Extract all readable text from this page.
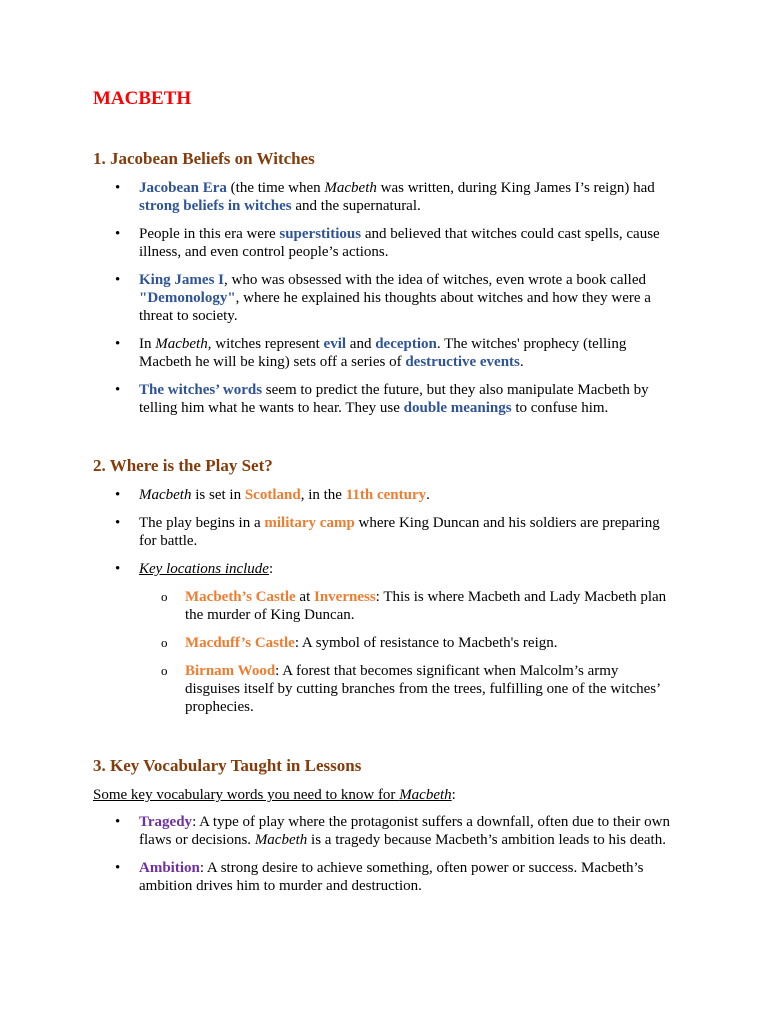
MACBETH
1. Jacobean Beliefs on Witches
• Jacobean Era (the time when Macbeth was written, during King James I’s reign) had strong beliefs in witches and the supernatural.
• People in this era were superstitious and believed that witches could cast spells, cause illness, and even control people’s actions.
• King James I, who was obsessed with the idea of witches, even wrote a book called "Demonology", where he explained his thoughts about witches and how they were a threat to society.
• In Macbeth, witches represent evil and deception. The witches' prophecy (telling Macbeth he will be king) sets off a series of destructive events.
• The witches’ words seem to predict the future, but they also manipulate Macbeth by telling him what he wants to hear. They use double meanings to confuse him.
2. Where is the Play Set?
• Macbeth is set in Scotland, in the 11th century.
• The play begins in a military camp where King Duncan and his soldiers are preparing for battle.
• Key locations include:
o Macbeth’s Castle at Inverness: This is where Macbeth and Lady Macbeth plan the murder of King Duncan.
o Macduff’s Castle: A symbol of resistance to Macbeth's reign.
o Birnam Wood: A forest that becomes significant when Malcolm’s army disguises itself by cutting branches from the trees, fulfilling one of the witches’ prophecies.
3. Key Vocabulary Taught in Lessons

Some key vocabulary words you need to know for Macbeth:

• Tragedy: A type of play where the protagonist suffers a downfall, often due to their own flaws or decisions. Macbeth is a tragedy because Macbeth’s ambition leads to his death.
• Ambition: A strong desire to achieve something, often power or success. Macbeth’s ambition drives him to murder and destruction.
